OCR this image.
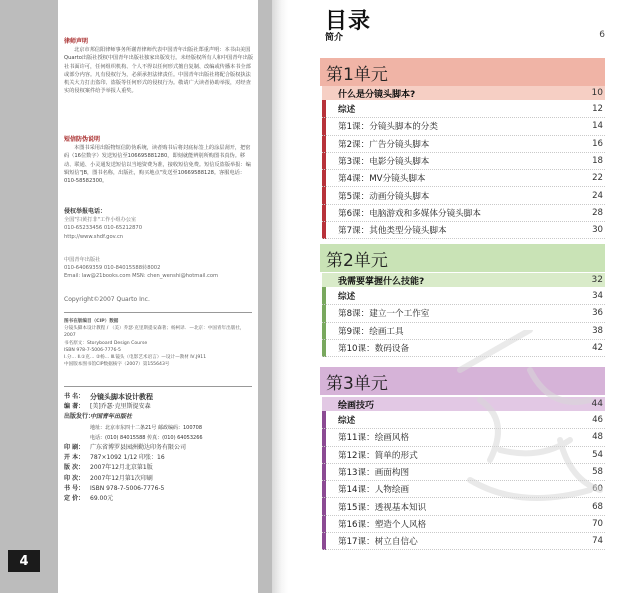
律师声明

北京市邦信阳律师事务所谢青律师代表中国青年出版社郑重声明：本书由美国Quarto出版社授权中国青年出版社独家出版发行。未经版权所有人和中国青年出版社书面许可，任何组织机构、个人不得以任何形式擅自复制、改编或传播本书全部或部分内容。凡有侵权行为，必须承担法律责任。中国青年出版社将配合版权执法机关大力打击盗印、盗版等任何形式的侵权行为。敬请广大读者协助举报，对经查实的侵权案件给予举报人重奖。

短信防伪说明

本图书采用出版物短信防伪系统，读者购书后将封底标签上的涂层刮开，把密码（16位数字）发送短信至106695881280，即刻就能辨别所购图书真伪。移动、联通、小灵通发送短信以当地资费为准，接收短信免费。短信反盗版举报：编辑短信"JB，图书名称，出版社，购买地点"发送至10669588128。客服电话：010-58582300。

侵权举报电话：

全国"扫黄打非"工作小组办公室

010-65233456 010-65212870

http://www.shdf.gov.cn

中国青年出版社

010-64069359 010-84015588转8002

Email: law@21books.com MSN: chen_wenshi@hotmail.com

Copyright©2007 Quarto Inc.

图书在版编目（CIP）数据

分镜头脚本设计教程 / （美）乔瑟·克里斯提安森著；杨柯译．—北京：中国青年出版社，2007

书名原文：Storyboard Design Course

ISBN 978-7-5006-7776-5

Ⅰ.分… Ⅱ.①克… ②杨… Ⅲ.镜头（电影艺术语言）—设计—教材 Ⅳ.J911

中国版本图书馆CIP数据核字（2007）第155643号

书 名： 分镜头脚本设计教程
编 著： [美]乔瑟·克里斯提安森
出版发行：
中国青年出版社
地址：北京市东四十二条21号 邮政编码：100708
电话：(010) 84015588 传真：(010) 64053266
印 刷： 广东省博罗县园洲勤达印务有限公司
开 本： 787×1092 1/12 印张：16
版 次： 2007年12月北京第1版
印 次： 2007年12月第1次印刷
书 号： ISBN 978-7-5006-7776-5
定 价： 69.00元
4
目录
简介	6
第1单元
什么是分镜头脚本?	10
综述	12
第1课：分镜头脚本的分类	14
第2课：广告分镜头脚本	16
第3课：电影分镜头脚本	18
第4课：MV分镜头脚本	22
第5课：动画分镜头脚本	24
第6课：电脑游戏和多媒体分镜头脚本	28
第7课：其他类型分镜头脚本	30
第2单元
我需要掌握什么技能?	32
综述	34
第8课：建立一个工作室	36
第9课：绘画工具	38
第10课：数码设备	42
第3单元
绘画技巧	44
综述	46
第11课：绘画风格	48
第12课：简单的形式	54
第13课：画面构图	58
第14课：人物绘画	60
第15课：透视基本知识	68
第16课：塑造个人风格	70
第17课：树立自信心	74
